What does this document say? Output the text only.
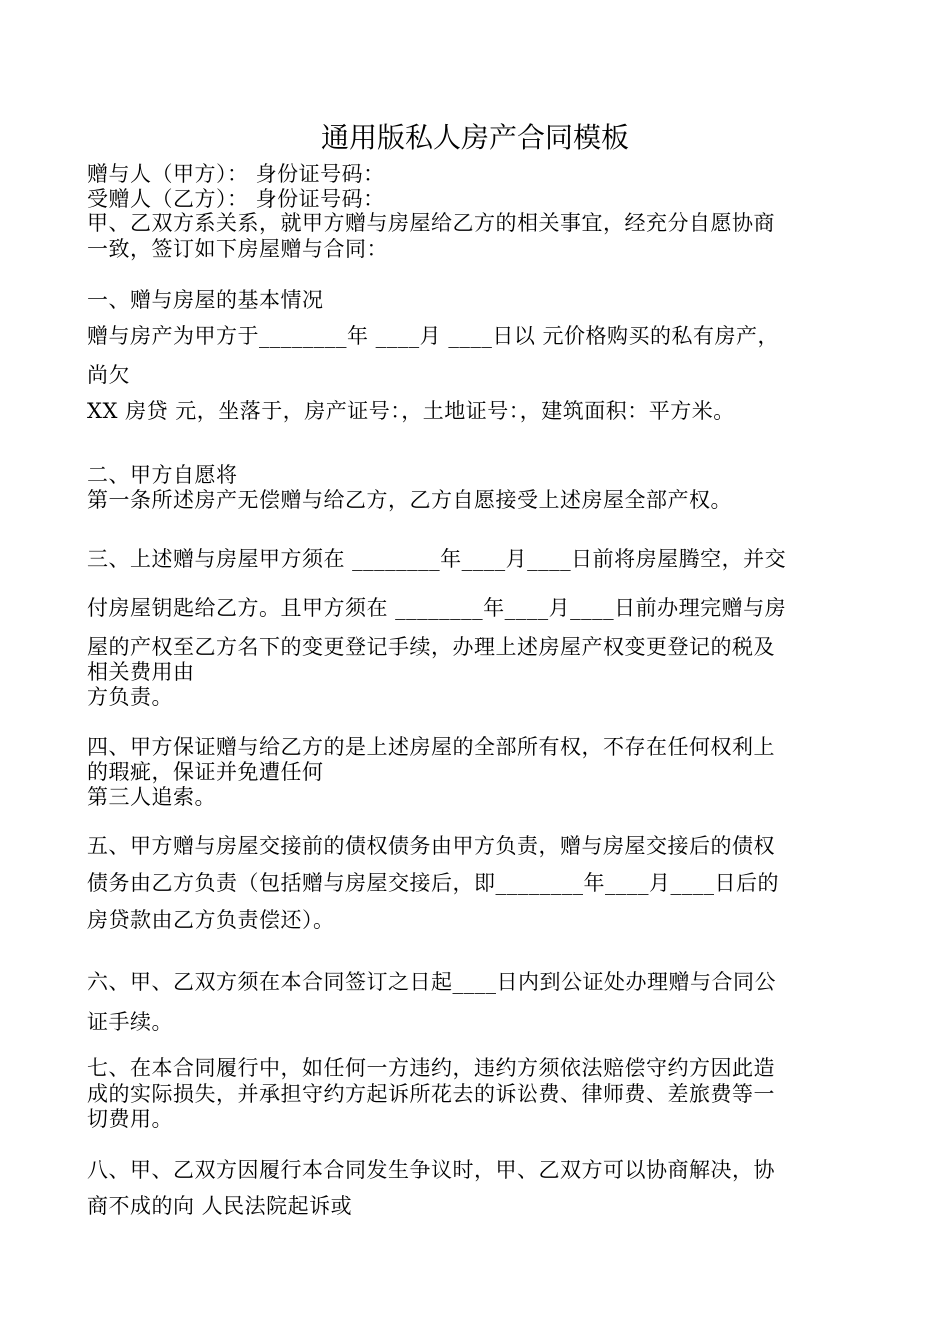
通用版私人房产合同模板
赠与人（甲方）： 身份证号码：
受赠人（乙方）： 身份证号码：
甲、乙双方系关系，就甲方赠与房屋给乙方的相关事宜，经充分自愿协商
一致，签订如下房屋赠与合同：
一、赠与房屋的基本情况
赠与房产为甲方于________年 ____月 ____日以 元价格购买的私有房产，
尚欠
XX 房贷 元，坐落于，房产证号：，土地证号：，建筑面积：平方米。
二、甲方自愿将
第一条所述房产无偿赠与给乙方，乙方自愿接受上述房屋全部产权。
三、上述赠与房屋甲方须在 ________年____月____日前将房屋腾空，并交
付房屋钥匙给乙方。且甲方须在 ________年____月____日前办理完赠与房
屋的产权至乙方名下的变更登记手续，办理上述房屋产权变更登记的税及
相关费用由
方负责。
四、甲方保证赠与给乙方的是上述房屋的全部所有权，不存在任何权利上
的瑕疵，保证并免遭任何
第三人追索。
五、甲方赠与房屋交接前的债权债务由甲方负责，赠与房屋交接后的债权
债务由乙方负责（包括赠与房屋交接后，即________年____月____日后的
房贷款由乙方负责偿还）。
六、甲、乙双方须在本合同签订之日起____日内到公证处办理赠与合同公
证手续。
七、在本合同履行中，如任何一方违约，违约方须依法赔偿守约方因此造
成的实际损失，并承担守约方起诉所花去的诉讼费、律师费、差旅费等一
切费用。
八、甲、乙双方因履行本合同发生争议时，甲、乙双方可以协商解决，协
商不成的向 人民法院起诉或
